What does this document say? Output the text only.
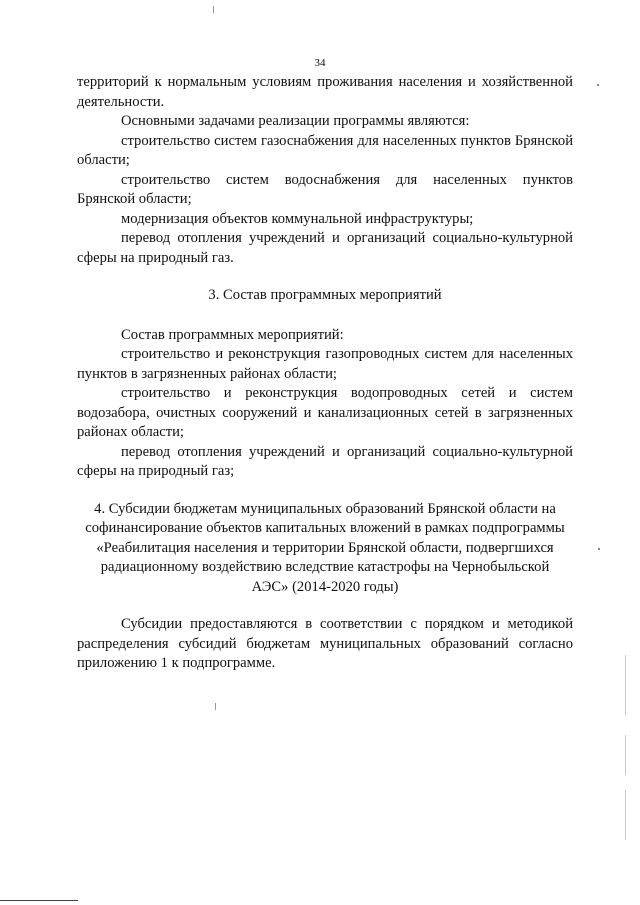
34

территорий к нормальным условиям проживания населения и хозяйственной деятельности.

Основными задачами реализации программы являются:

строительство систем газоснабжения для населенных пунктов Брянской области;

строительство систем водоснабжения для населенных пунктов Брянской области;

модернизация объектов коммунальной инфраструктуры;

перевод отопления учреждений и организаций социально-культурной сферы на природный газ.

3. Состав программных мероприятий

Состав программных мероприятий:

строительство и реконструкция газопроводных систем для населенных пунктов в загрязненных районах области;

строительство и реконструкция водопроводных сетей и систем водозабора, очистных сооружений и канализационных сетей в загрязненных районах области;

перевод отопления учреждений и организаций социально-культурной сферы на природный газ;

4. Субсидии бюджетам муниципальных образований Брянской области на

софинансирование объектов капитальных вложений в рамках подпрограммы

«Реабилитация населения и территории Брянской области, подвергшихся

радиационному воздействию вследствие катастрофы на Чернобыльской

АЭС» (2014-2020 годы)

Субсидии предоставляются в соответствии с порядком и методикой распределения субсидий бюджетам муниципальных образований согласно приложению 1 к подпрограмме.
